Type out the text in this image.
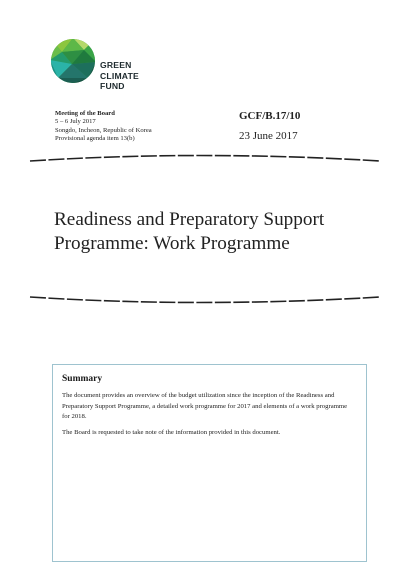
GREEN
CLIMATE
FUND
Meeting of the Board
5 – 6 July 2017
Songdo, Incheon, Republic of Korea
Provisional agenda item 13(b)
GCF/B.17/10
23 June 2017
Readiness and Preparatory Support
Programme: Work Programme
Summary

The document provides an overview of the budget utilization since the inception of the Readiness and Preparatory Support Programme, a detailed work programme for 2017 and elements of a work programme for 2018.

The Board is requested to take note of the information provided in this document.
